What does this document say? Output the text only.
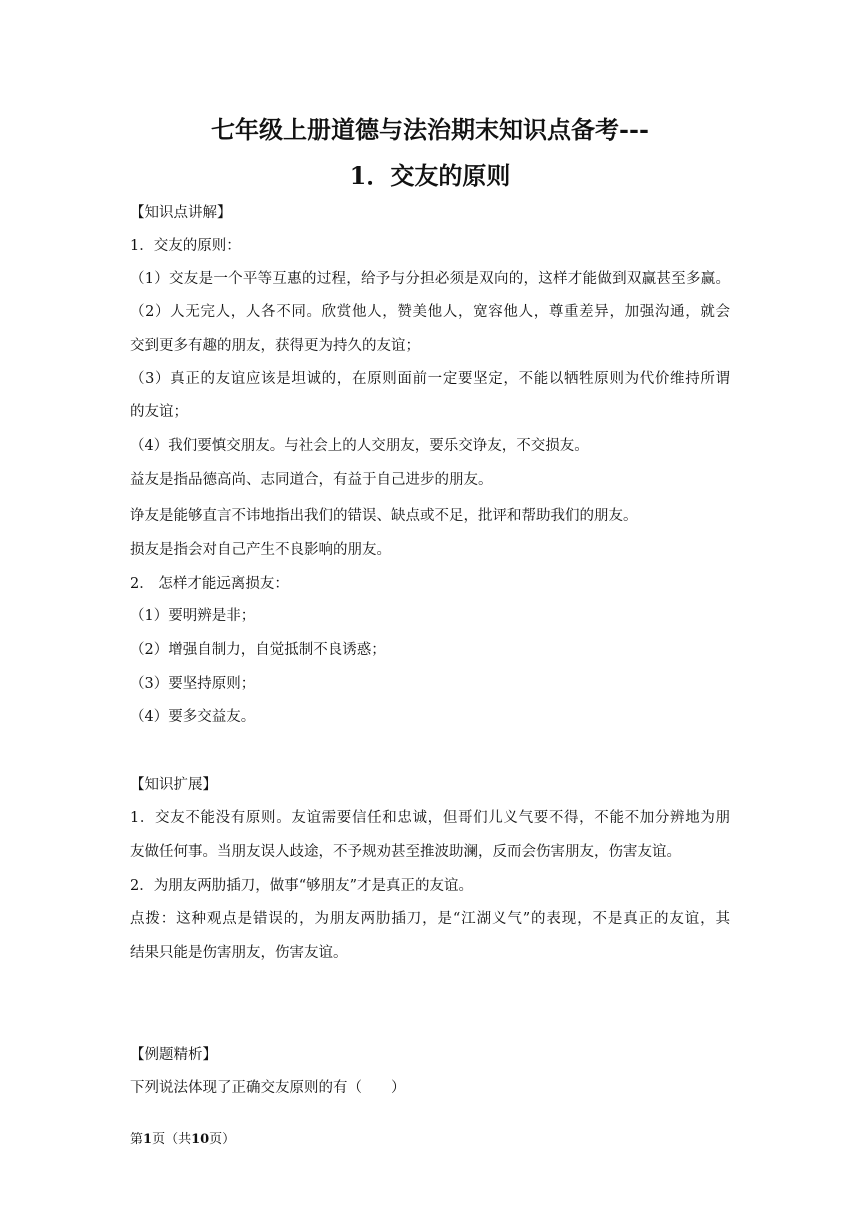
七年级上册道德与法治期末知识点备考---
1．交友的原则
【知识点讲解】
1．交友的原则：
（1）交友是一个平等互惠的过程，给予与分担必须是双向的，这样才能做到双赢甚至多赢。
（2）人无完人，人各不同。欣赏他人，赞美他人，宽容他人，尊重差异，加强沟通，就会
交到更多有趣的朋友，获得更为持久的友谊；
（3）真正的友谊应该是坦诚的，在原则面前一定要坚定，不能以牺牲原则为代价维持所谓
的友谊；
（4）我们要慎交朋友。与社会上的人交朋友，要乐交诤友，不交损友。
益友是指品德高尚、志同道合，有益于自己进步的朋友。
诤友是能够直言不讳地指出我们的错误、缺点或不足，批评和帮助我们的朋友。
损友是指会对自己产生不良影响的朋友。
2． 怎样才能远离损友：
（1）要明辨是非；
（2）增强自制力，自觉抵制不良诱惑；
（3）要坚持原则；
（4）要多交益友。
【知识扩展】
1．交友不能没有原则。友谊需要信任和忠诚，但哥们儿义气要不得，不能不加分辨地为朋
友做任何事。当朋友误人歧途，不予规劝甚至推波助澜，反而会伤害朋友，伤害友谊。
2．为朋友两肋插刀，做事“够朋友”才是真正的友谊。
点拨：这种观点是错误的，为朋友两肋插刀，是“江湖义气”的表现，不是真正的友谊，其
结果只能是伤害朋友，伤害友谊。
【例题精析】
下列说法体现了正确交友原则的有（　　）
第1页（共10页）
